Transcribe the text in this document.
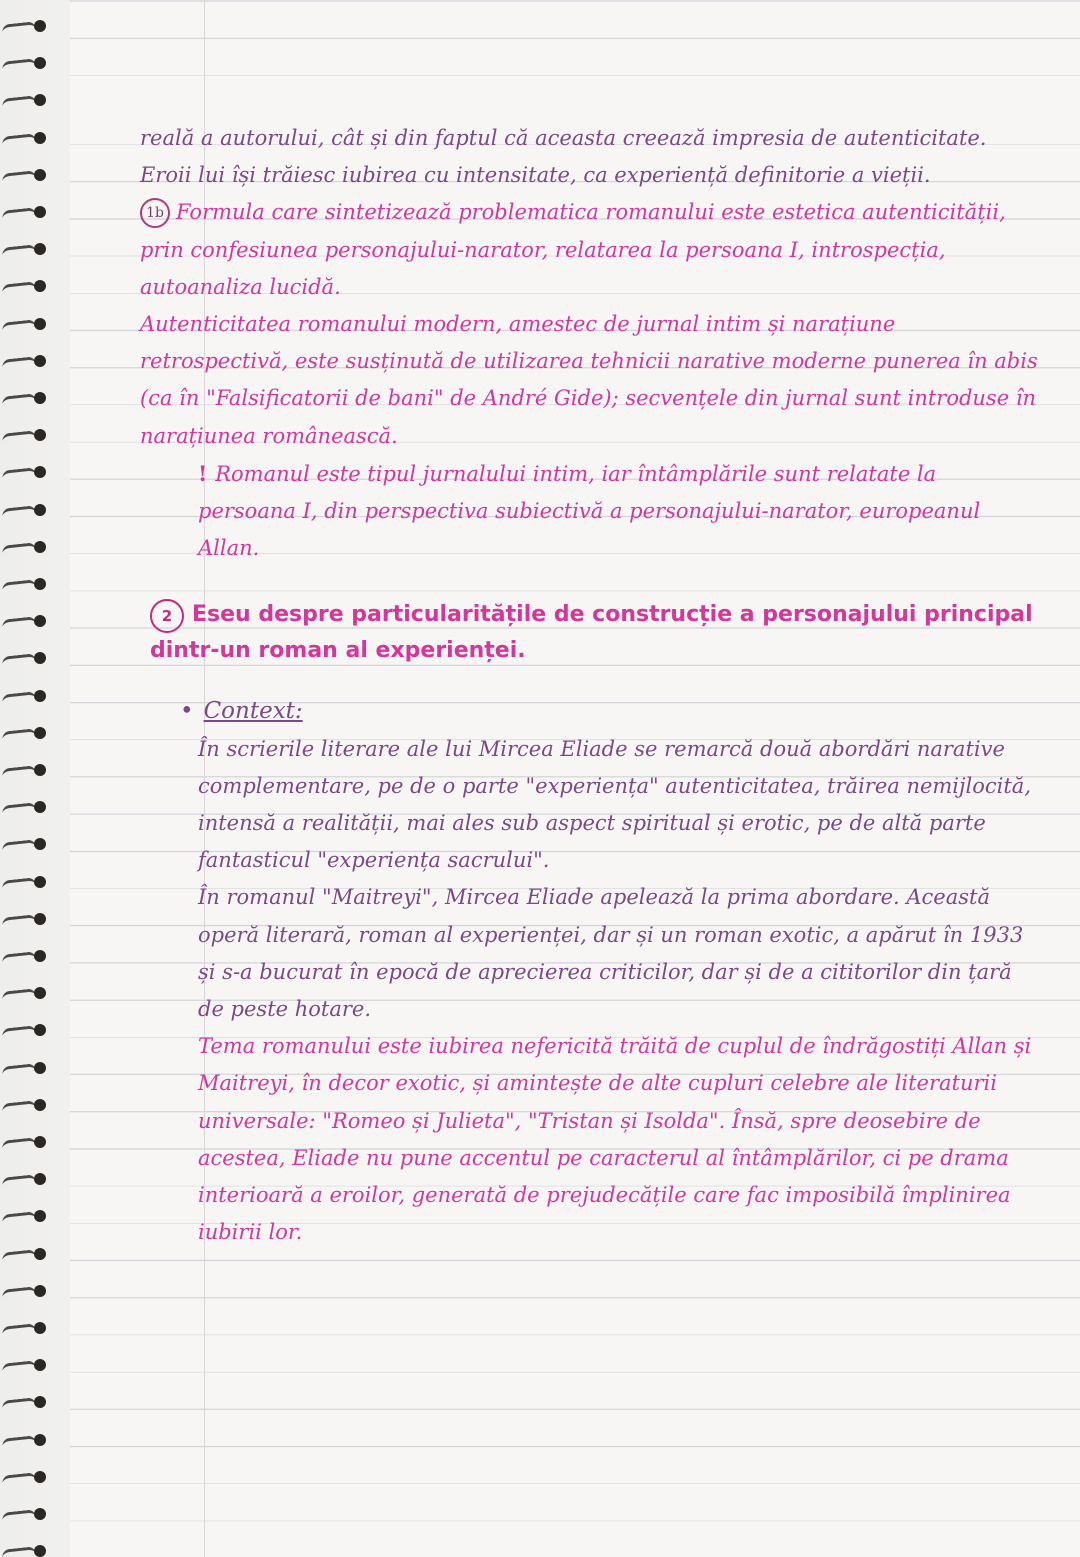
reală a autorului, cât și din faptul că aceasta creează impresia de autenticitate. Eroii lui își trăiesc iubirea cu intensitate, ca experiență definitorie a vieții.

1b Formula care sintetizează problematica romanului este estetica autenticității, prin confesiunea personajului-narator, relatarea la persoana I, introspecția, autoanaliza lucidă.

Autenticitatea romanului modern, amestec de jurnal intim și narațiune retrospectivă, este susținută de utilizarea tehnicii narative moderne punerea în abis (ca în "Falsificatorii de bani" de André Gide); secvențele din jurnal sunt introduse în narațiunea românească.

! Romanul este tipul jurnalului intim, iar întâmplările sunt relatate la persoana I, din perspectiva subiectivă a personajului-narator, europeanul Allan.

2 Eseu despre particularitățile de construcție a personajului principal dintr-un roman al experienței.

• Context:

În scrierile literare ale lui Mircea Eliade se remarcă două abordări narative complementare, pe de o parte "experiența" autenticitatea, trăirea nemijlocită, intensă a realității, mai ales sub aspect spiritual și erotic, pe de altă parte fantasticul "experiența sacrului".

În romanul "Maitreyi", Mircea Eliade apelează la prima abordare. Această operă literară, roman al experienței, dar și un roman exotic, a apărut în 1933 și s-a bucurat în epocă de aprecierea criticilor, dar și de a cititorilor din țară de peste hotare.

Tema romanului este iubirea nefericită trăită de cuplul de îndrăgostiți Allan și Maitreyi, în decor exotic, și amintește de alte cupluri celebre ale literaturii universale: "Romeo și Julieta", "Tristan și Isolda". Însă, spre deosebire de acestea, Eliade nu pune accentul pe caracterul al întâmplărilor, ci pe drama interioară a eroilor, generată de prejudecățile care fac imposibilă împlinirea iubirii lor.
